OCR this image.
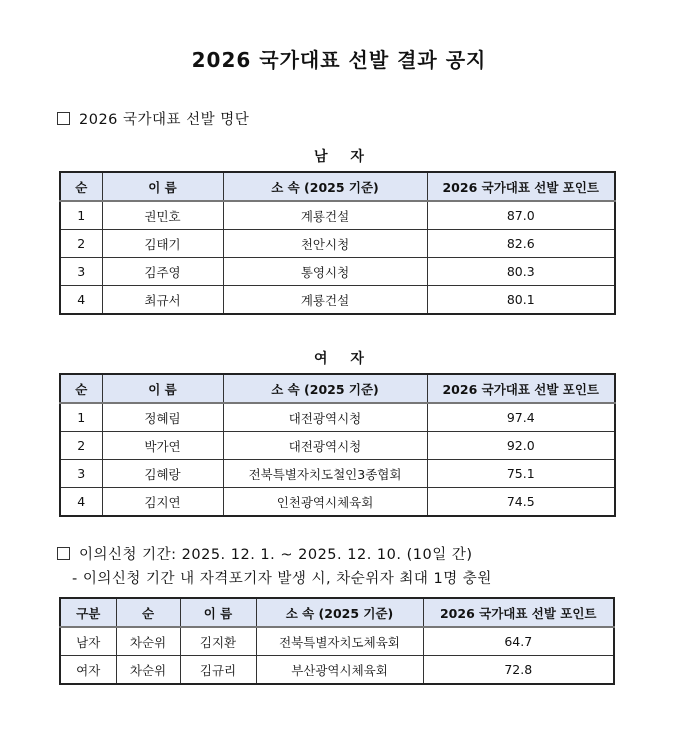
2026 국가대표 선발 결과 공지
2026 국가대표 선발 명단
남 자
순	이 름	소 속 (2025 기준)	2026 국가대표 선발 포인트
1	권민호	계룡건설	87.0
2	김태기	천안시청	82.6
3	김주영	통영시청	80.3
4	최규서	계룡건설	80.1
여 자
순	이 름	소 속 (2025 기준)	2026 국가대표 선발 포인트
1	정혜림	대전광역시청	97.4
2	박가연	대전광역시청	92.0
3	김혜랑	전북특별자치도철인3종협회	75.1
4	김지연	인천광역시체육회	74.5
이의신청 기간: 2025. 12. 1. ~ 2025. 12. 10. (10일 간)
- 이의신청 기간 내 자격포기자 발생 시, 차순위자 최대 1명 충원
구분	순	이 름	소 속 (2025 기준)	2026 국가대표 선발 포인트
남자	차순위	김지환	전북특별자치도체육회	64.7
여자	차순위	김규리	부산광역시체육회	72.8
